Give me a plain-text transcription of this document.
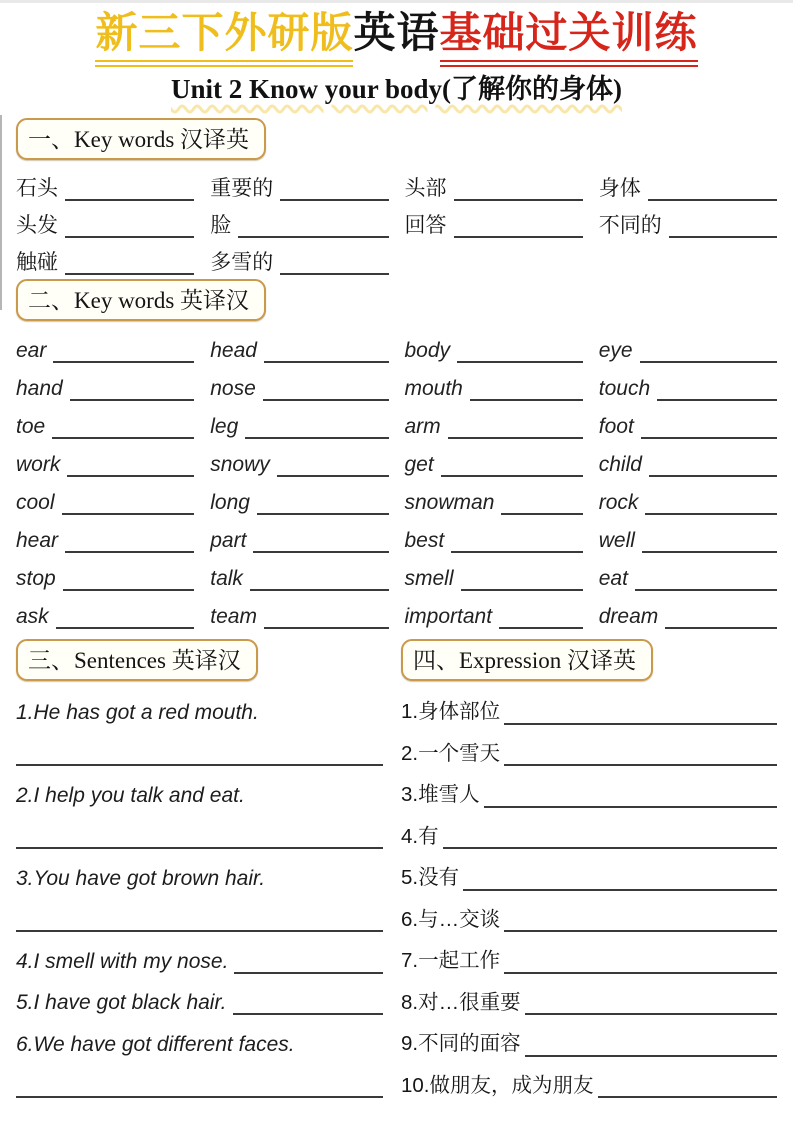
新三下外研版英语基础过关训练
Unit 2 Know your body(了解你的身体)
一、Key words 汉译英
石头	重要的	头部	身体
头发	脸	回答	不同的
触碰	多雪的
二、Key words 英译汉
ear	head	body	eye
hand	nose	mouth	touch
toe	leg	arm	foot
work	snowy	get	child
cool	long	snowman	rock
hear	part	best	well
stop	talk	smell	eat
ask	team	important	dream
三、Sentences 英译汉	四、Expression 汉译英
1.He has got a red mouth.
2.I help you talk and eat.
3.You have got brown hair.
4.I smell with my nose.
5.I have got black hair.
6.We have got different faces.
1.身体部位
2.一个雪天
3.堆雪人
4.有
5.没有
6.与…交谈
7.一起工作
8.对…很重要
9.不同的面容
10.做朋友，成为朋友
